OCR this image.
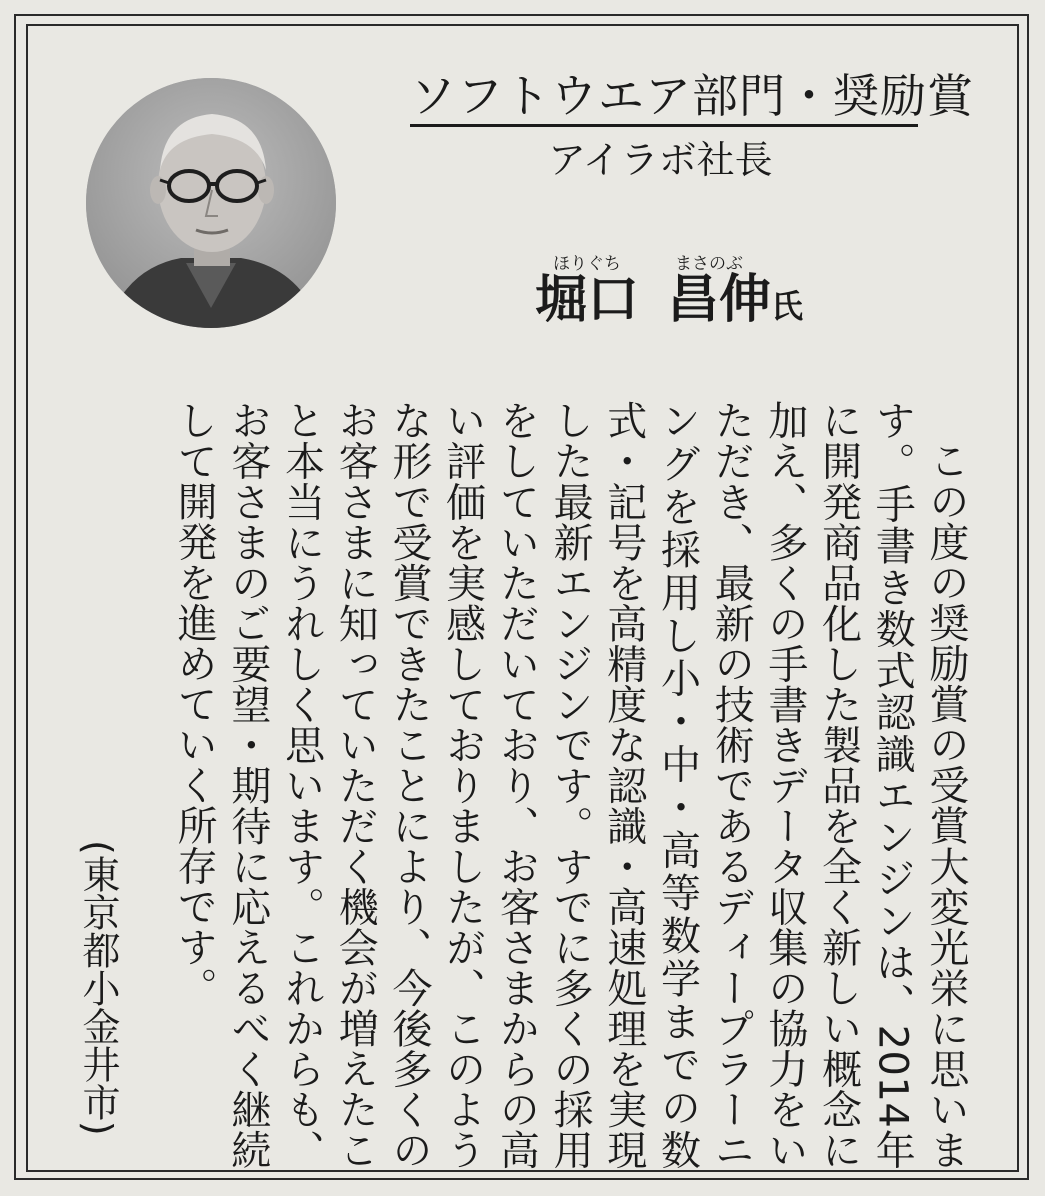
ソフトウエア部門・奨励賞
アイラボ社長
ほりぐち	まさのぶ
堀口 昌伸氏

この度の奨励賞の受賞大変光栄に思います。手書き数式認識エンジンは、2014年に開発商品化した製品を全く新しい概念に加え、多くの手書きデータ収集の協力をいただき、最新の技術であるディープラーニングを採用し小・中・高等数学までの数式・記号を高精度な認識・高速処理を実現した最新エンジンです。すでに多くの採用をしていただいており、お客さまからの高い評価を実感しておりましたが、このような形で受賞できたことにより、今後多くのお客さまに知っていただく機会が増えたこと本当にうれしく思います。これからも、お客さまのご要望・期待に応えるべく継続して開発を進めていく所存です。

(東京都小金井市)
